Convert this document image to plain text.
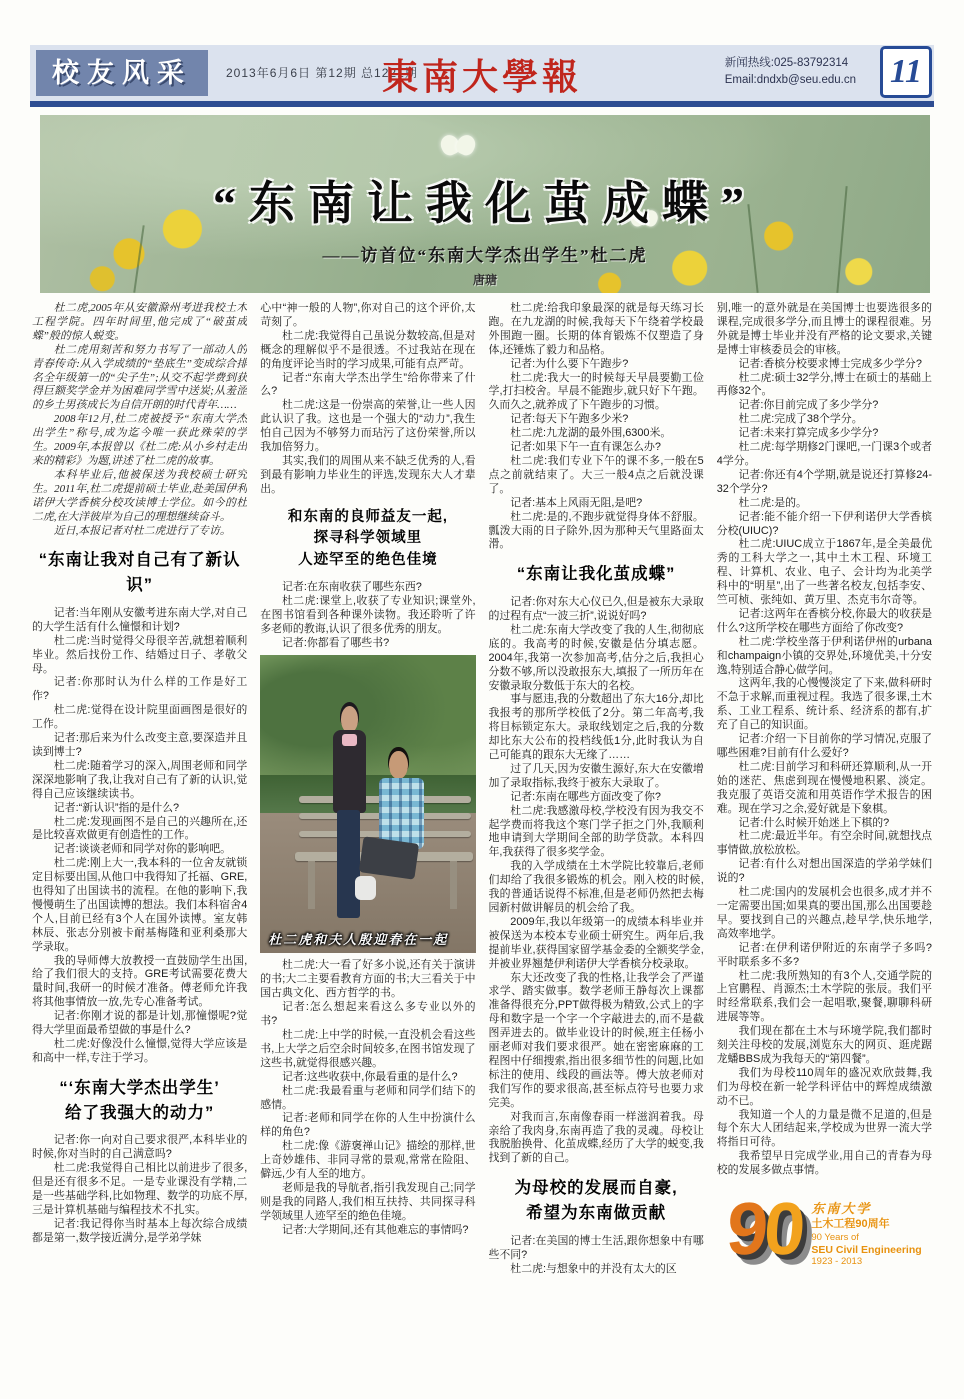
校友风采	2013年6月6日 第12期 总1221期
東南大學報	新闻热线:025-83792314
Email:dndxb@seu.edu.cn 11
“东南让我化茧成蝶”
——访首位“东南大学杰出学生”杜二虎
唐瑭

杜二虎,2005年从安徽滁州考进我校土木工程学院。四年时间里,他完成了“破茧成蝶”般的惊人蜕变。

杜二虎用刻苦和努力书写了一部动人的青春传奇:从入学成绩的“垫底生”变成综合排名全年级第一的“尖子生”;从交不起学费到获得巨额奖学金并为困难同学雪中送炭;从羞涩的乡土男孩成长为自信开朗的时代青年……

2008年12月,杜二虎被授予“东南大学杰出学生”称号,成为迄今唯一获此殊荣的学生。2009年,本报曾以《杜二虎:从小乡村走出来的精彩》为题,讲述了杜二虎的故事。

本科毕业后,他被保送为我校硕士研究生。2011年,杜二虎提前硕士毕业,赴美国伊利诺伊大学香槟分校攻读博士学位。如今的杜二虎,在大洋彼岸为自己的理想继续奋斗。

近日,本报记者对杜二虎进行了专访。

“东南让我对自己有了新认识”

记者:当年刚从安徽考进东南大学,对自己的大学生活有什么憧憬和计划?

杜二虎:当时觉得父母很辛苦,就想着顺利毕业。然后找份工作、结婚过日子、孝敬父母。

记者:你那时认为什么样的工作是好工作?

杜二虎:觉得在设计院里面画图是很好的工作。

记者:那后来为什么改变主意,要深造并且读到博士?

杜二虎:随着学习的深入,周围老师和同学深深地影响了我,让我对自己有了新的认识,觉得自己应该继续读书。

记者:“新认识”指的是什么?

杜二虎:发现画图不是自己的兴趣所在,还是比较喜欢做更有创造性的工作。

记者:谈谈老师和同学对你的影响吧。

杜二虎:刚上大一,我本科的一位舍友就锁定目标要出国,从他口中我得知了托福、GRE,也得知了出国读书的流程。在他的影响下,我慢慢萌生了出国读博的想法。我们本科宿舍4个人,目前已经有3个人在国外读博。室友韩林辰、张志分别被卡耐基梅隆和亚利桑那大学录取。

我的导师傅大放教授一直鼓励学生出国,给了我们很大的支持。GRE考试需要花费大量时间,我研一的时候才准备。傅老师允许我将其他事情放一放,先专心准备考试。

记者:你刚才说的都是计划,那憧憬呢?觉得大学里面最希望做的事是什么?

杜二虎:好像没什么憧憬,觉得大学应该是和高中一样,专注于学习。

“‘东南大学杰出学生’
给了我强大的动力”

记者:你一向对自己要求很严,本科毕业的时候,你对当时的自己满意吗?

杜二虎:我觉得自己相比以前进步了很多,但是还有很多不足。一是专业课没有学精,二是一些基础学科,比如物理、数学的功底不厚,三是计算机基础与编程技术不扎实。

记者:我记得你当时基本上每次综合成绩都是第一,数学接近满分,是学弟学妹

心中“神一般的人物”,你对自己的这个评价,太苛刻了。

杜二虎:我觉得自己虽说分数较高,但是对概念的理解似乎不是很透。不过我站在现在的角度评论当时的学习成果,可能有点严苛。

记者:“东南大学杰出学生”给你带来了什么?

杜二虎:这是一份崇高的荣誉,让一些人因此认识了我。这也是一个强大的“动力”,我生怕自己因为不够努力而玷污了这份荣誉,所以我加倍努力。

其实,我们的周围从来不缺乏优秀的人,看到最有影响力毕业生的评选,发现东大人才辈出。

和东南的良师益友一起,
探寻科学领域里
人迹罕至的绝色佳境

记者:在东南收获了哪些东西?

杜二虎:课堂上,收获了专业知识;课堂外,在图书馆看到各种课外读物。我还聆听了许多老师的教诲,认识了很多优秀的朋友。

记者:你都看了哪些书?

杜二虎和夫人殷迎春在一起

杜二虎:大一看了好多小说,还有关于演讲的书;大二主要看教育方面的书;大三看关于中国古典文化、西方哲学的书。

记者:怎么想起来看这么多专业以外的书?

杜二虎:上中学的时候,一直没机会看这些书,上大学之后空余时间较多,在图书馆发现了这些书,就觉得很感兴趣。

记者:这些收获中,你最看重的是什么?

杜二虎:我最看重与老师和同学们结下的感情。

记者:老师和同学在你的人生中扮演什么样的角色?

杜二虎:像《游褒禅山记》描绘的那样,世上奇妙雄伟、非同寻常的景观,常常在险阻、僻远,少有人至的地方。

老师是我的导航者,指引我发现自己;同学则是我的同路人,我们相互扶持、共同探寻科学领域里人迹罕至的绝色佳境。

记者:大学期间,还有其他难忘的事情吗?

杜二虎:给我印象最深的就是每天练习长跑。在九龙湖的时候,我每天下午绕着学校最外围跑一圈。长期的体育锻炼不仅塑造了身体,还锤炼了毅力和品格。

记者:为什么要下午跑步?

杜二虎:我大一的时候每天早晨要勤工俭学,打扫校舍。早晨不能跑步,就只好下午跑。久而久之,就养成了下午跑步的习惯。

记者:每天下午跑多少米?

杜二虎:九龙湖的最外围,6300米。

记者:如果下午一直有课怎么办?

杜二虎:我们专业下午的课不多,一般在5点之前就结束了。大三一般4点之后就没课了。

记者:基本上风雨无阻,是吧?

杜二虎:是的,不跑步就觉得身体不舒服。瓢泼大雨的日子除外,因为那种天气里路面太滑。

“东南让我化茧成蝶”

记者:你对东大心仪已久,但是被东大录取的过程有点“一波三折”,说说好吗?

杜二虎:东南大学改变了我的人生,彻彻底底的。我高考的时候,安徽是估分填志愿。2004年,我第一次参加高考,估分之后,我担心分数不够,所以没敢报东大,填报了一所历年在安徽录取分数低于东大的名校。

事与愿违,我的分数超出了东大16分,却比我报考的那所学校低了2分。第二年高考,我将目标锁定东大。录取线划定之后,我的分数却比东大公布的投档线低1分,此时我认为自己可能真的跟东大无缘了……

过了几天,因为安徽生源好,东大在安徽增加了录取指标,我终于被东大录取了。

记者:东南在哪些方面改变了你?

杜二虎:我感激母校,学校没有因为我交不起学费而将我这个寒门学子拒之门外,我顺利地申请到大学期间全部的助学贷款。本科四年,我获得了很多奖学金。

我的入学成绩在土木学院比较靠后,老师们却给了我很多锻炼的机会。刚入校的时候,我的普通话说得不标准,但是老师仍然把去梅园新村做讲解员的机会给了我。

2009年,我以年级第一的成绩本科毕业并被保送为本校本专业硕士研究生。两年后,我提前毕业,获得国家留学基金委的全额奖学金,并被业界翘楚伊利诺伊大学香槟分校录取。

东大还改变了我的性格,让我学会了严谨求学、踏实做事。数学老师王静每次上课都准备得很充分,PPT做得极为精致,公式上的字母和数字是一个字一个字敲进去的,而不是截图弄进去的。做毕业设计的时候,班主任杨小丽老师对我们要求很严。她在密密麻麻的工程图中仔细搜索,指出很多细节性的问题,比如标注的使用、线段的画法等。傅大放老师对我们写作的要求很高,甚至标点符号也要力求完美。

对我而言,东南像春雨一样滋润着我。母亲给了我肉身,东南再造了我的灵魂。母校让我脱胎换骨、化茧成蝶,经历了大学的蜕变,我找到了新的自己。

为母校的发展而自豪,
希望为东南做贡献

记者:在美国的博士生活,跟你想象中有哪些不同?

杜二虎:与想象中的并没有太大的区

别,唯一的意外就是在美国博士也要选很多的课程,完成很多学分,而且博士的课程很难。另外就是博士毕业并没有严格的论文要求,关键是博士审核委员会的审核。

记者:香槟分校要求博士完成多少学分?

杜二虎:硕士32学分,博士在硕士的基础上再修32个。

记者:你目前完成了多少学分?

杜二虎:完成了38个学分。

记者:未来打算完成多少学分?

杜二虎:每学期修2门课吧,一门课3个或者4学分。

记者:你还有4个学期,就是说还打算修24-32个学分?

杜二虎:是的。

记者:能不能介绍一下伊利诺伊大学香槟分校(UIUC)?

杜二虎:UIUC成立于1867年,是全美最优秀的工科大学之一,其中土木工程、环境工程、计算机、农业、电子、会计均为北美学科中的“明星”,出了一些著名校友,包括李安、竺可桢、张纯如、黄万里、杰克韦尔奇等。

记者:这两年在香槟分校,你最大的收获是什么?这所学校在哪些方面给了你改变?

杜二虎:学校坐落于伊利诺伊州的urbana和champaign小镇的交界处,环境优美,十分安逸,特别适合静心做学问。

这两年,我的心慢慢淡定了下来,做科研时不急于求解,而重视过程。我选了很多课,土木系、工业工程系、统计系、经济系的都有,扩充了自己的知识面。

记者:介绍一下目前你的学习情况,克服了哪些困难?目前有什么爱好?

杜二虎:目前学习和科研还算顺利,从一开始的迷茫、焦虑到现在慢慢地积累、淡定。我克服了英语交流和用英语作学术报告的困难。现在学习之余,爱好就是下象棋。

记者:什么时候开始迷上下棋的?

杜二虎:最近半年。有空余时间,就想找点事情做,放松放松。

记者:有什么对想出国深造的学弟学妹们说的?

杜二虎:国内的发展机会也很多,成才并不一定需要出国;如果真的要出国,那么出国要趁早。要找到自己的兴趣点,趁早学,快乐地学,高效率地学。

记者:在伊利诺伊附近的东南学子多吗?平时联系多不多?

杜二虎:我所熟知的有3个人,交通学院的上官鹏程、肖源杰;土木学院的张辰。我们平时经常联系,我们会一起唱歌,聚餐,聊聊科研进展等等。

我们现在都在土木与环境学院,我们都时刻关注母校的发展,浏览东大的网页、逛虎踞龙蟠BBS成为我每天的“第四餐”。

我们为母校110周年的盛况欢欣鼓舞,我们为母校在新一轮学科评估中的辉煌成绩激动不已。

我知道一个人的力量是微不足道的,但是每个东大人团结起来,学校成为世界一流大学将指日可待。

我希望早日完成学业,用自己的青春为母校的发展多做点事情。

90 东南大学
土木工程90周年
90 Years of
SEU Civil Engineering
1923 - 2013
